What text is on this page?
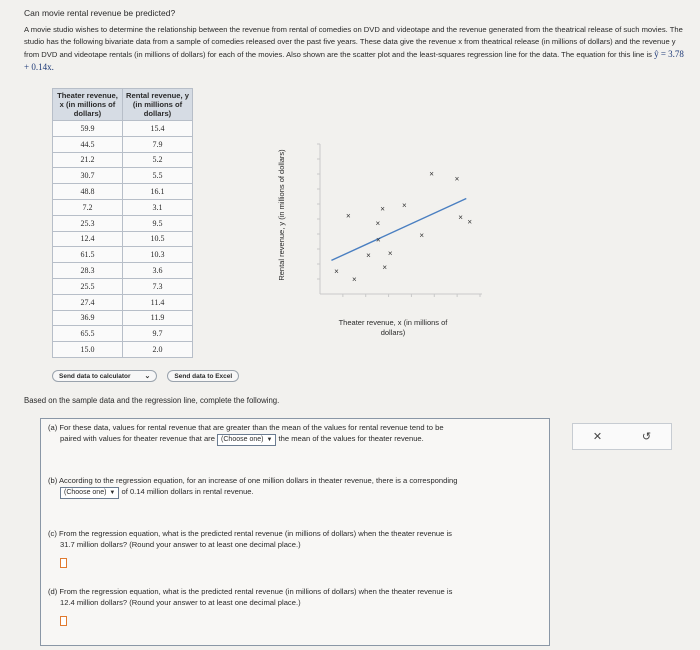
Can movie rental revenue be predicted?
A movie studio wishes to determine the relationship between the revenue from rental of comedies on DVD and videotape and the revenue generated from the theatrical release of such movies. The studio has the following bivariate data from a sample of comedies released over the past five years. These data give the revenue x from theatrical release (in millions of dollars) and the revenue y from DVD and videotape rentals (in millions of dollars) for each of the movies. Also shown are the scatter plot and the least-squares regression line for the data. The equation for this line is ŷ = 3.78 + 0.14x.
Theater revenue, x (in millions of dollars)	Rental revenue, y (in millions of dollars)
59.9	15.4
44.5	7.9
21.2	5.2
30.7	5.5
48.8	16.1
7.2	3.1
25.3	9.5
12.4	10.5
61.5	10.3
28.3	3.6
25.5	7.3
27.4	11.4
36.9	11.9
65.5	9.7
15.0	2.0
Send data to calculator ⌄	Send data to Excel
Rental revenue, y (in millions of dollars)	×
×
× ×
×
×
×
×	×
×
×
× ×
×
×
Theater revenue, x (in millions of dollars)
Based on the sample data and the regression line, complete the following.
(a) For these data, values for rental revenue that are greater than the mean of the values for rental revenue tend to be
paired with values for theater revenue that are (Choose one) ▼ the mean of the values for theater revenue.
(b) According to the regression equation, for an increase of one million dollars in theater revenue, there is a corresponding
(Choose one) ▼ of 0.14 million dollars in rental revenue.
(c) From the regression equation, what is the predicted rental revenue (in millions of dollars) when the theater revenue is
31.7 million dollars? (Round your answer to at least one decimal place.)
(d) From the regression equation, what is the predicted rental revenue (in millions of dollars) when the theater revenue is
12.4 million dollars? (Round your answer to at least one decimal place.)
✕	↺
